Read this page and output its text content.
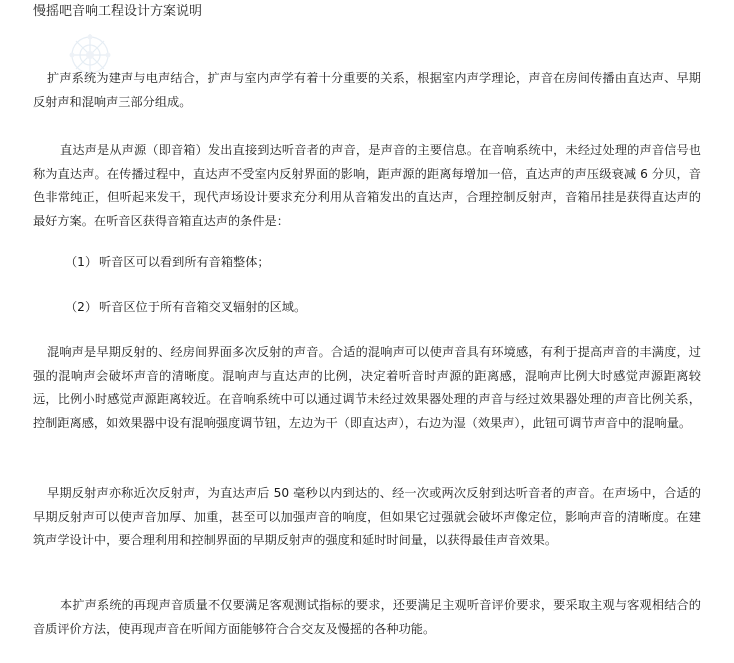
慢摇吧音响工程设计方案说明

扩声系统为建声与电声结合，扩声与室内声学有着十分重要的关系，根据室内声学理论，声音在房间传播由直达声、早期反射声和混响声三部分组成。

直达声是从声源（即音箱）发出直接到达听音者的声音，是声音的主要信息。在音响系统中，未经过处理的声音信号也称为直达声。在传播过程中，直达声不受室内反射界面的影响，距声源的距离每增加一倍，直达声的声压级衰减 6 分贝，音色非常纯正，但听起来发干，现代声场设计要求充分利用从音箱发出的直达声，合理控制反射声，音箱吊挂是获得直达声的最好方案。在听音区获得音箱直达声的条件是：

（1） 听音区可以看到所有音箱整体；
（2） 听音区位于所有音箱交叉辐射的区域。

混响声是早期反射的、经房间界面多次反射的声音。合适的混响声可以使声音具有环境感，有利于提高声音的丰满度，过强的混响声会破坏声音的清晰度。混响声与直达声的比例，决定着听音时声源的距离感，混响声比例大时感觉声源距离较远，比例小时感觉声源距离较近。在音响系统中可以通过调节未经过效果器处理的声音与经过效果器处理的声音比例关系，控制距离感，如效果器中设有混响强度调节钮，左边为干（即直达声），右边为湿（效果声），此钮可调节声音中的混响量。

早期反射声亦称近次反射声，为直达声后 50 毫秒以内到达的、经一次或两次反射到达听音者的声音。在声场中，合适的早期反射声可以使声音加厚、加重，甚至可以加强声音的响度，但如果它过强就会破坏声像定位，影响声音的清晰度。在建筑声学设计中，要合理利用和控制界面的早期反射声的强度和延时时间量，以获得最佳声音效果。

本扩声系统的再现声音质量不仅要满足客观测试指标的要求，还要满足主观听音评价要求，要采取主观与客观相结合的音质评价方法，使再现声音在听闻方面能够符合合交友及慢摇的各种功能。
